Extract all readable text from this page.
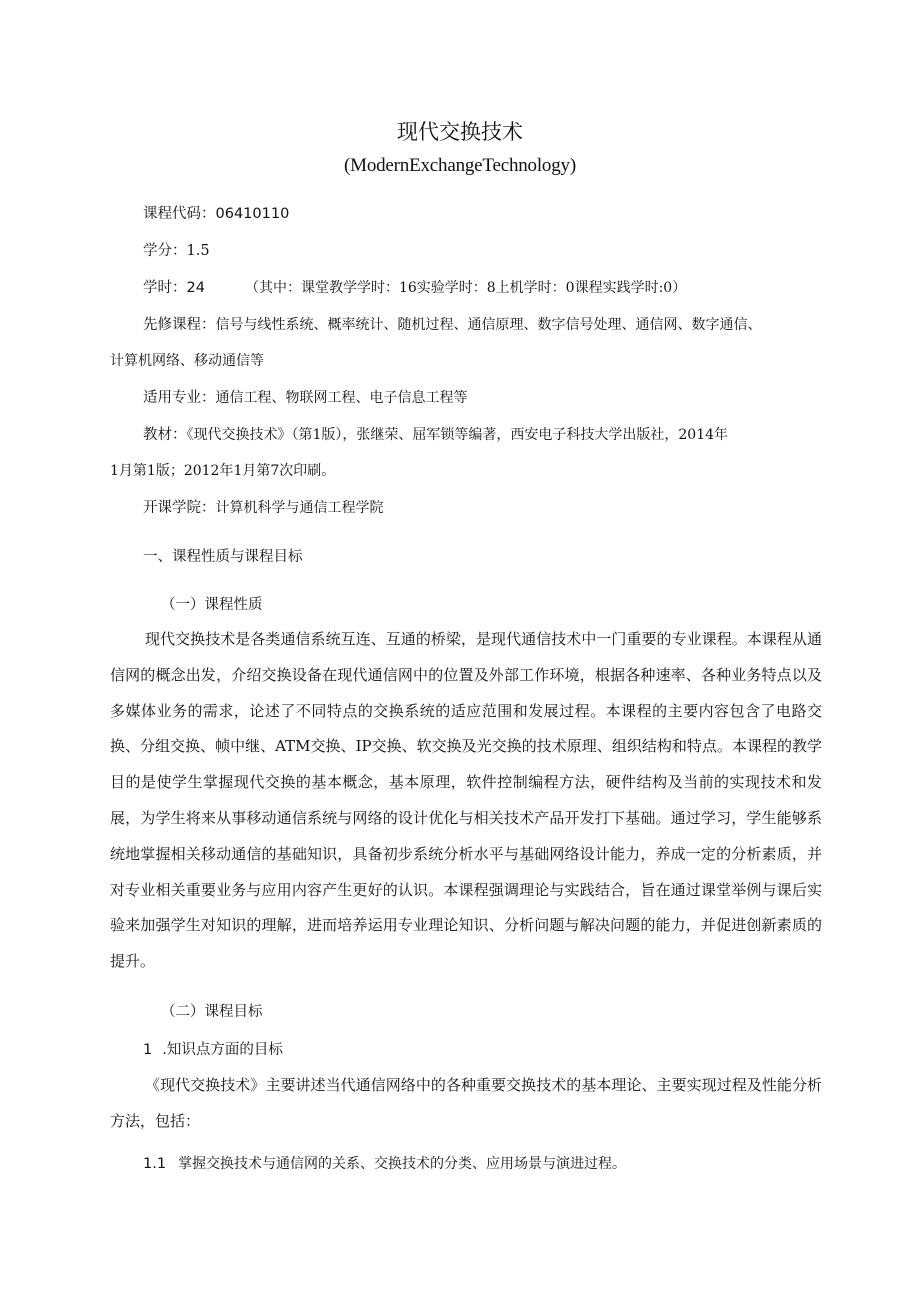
现代交换技术
(ModernExchangeTechnology)
课程代码：06410110
学分：1.5
学时：24	（其中：课堂教学学时：16实验学时：8上机学时：0课程实践学时:0）
先修课程：信号与线性系统、概率统计、随机过程、通信原理、数字信号处理、通信网、数字通信、
计算机网络、移动通信等
适用专业：通信工程、物联网工程、电子信息工程等
教材：《现代交换技术》（第1版），张继荣、屈军锁等编著，西安电子科技大学出版社，2014年
1月第1版；2012年1月第7次印刷。
开课学院：计算机科学与通信工程学院
一、课程性质与课程目标
（一）课程性质
现代交换技术是各类通信系统互连、互通的桥梁，是现代通信技术中一门重要的专业课程。本课程从通信网的概念出发，介绍交换设备在现代通信网中的位置及外部工作环境，根据各种速率、各种业务特点以及多媒体业务的需求，论述了不同特点的交换系统的适应范围和发展过程。本课程的主要内容包含了电路交换、分组交换、帧中继、ATM交换、IP交换、软交换及光交换的技术原理、组织结构和特点。本课程的教学目的是使学生掌握现代交换的基本概念，基本原理，软件控制编程方法，硬件结构及当前的实现技术和发展，为学生将来从事移动通信系统与网络的设计优化与相关技术产品开发打下基础。通过学习，学生能够系统地掌握相关移动通信的基础知识，具备初步系统分析水平与基础网络设计能力，养成一定的分析素质，并对专业相关重要业务与应用内容产生更好的认识。本课程强调理论与实践结合，旨在通过课堂举例与课后实验来加强学生对知识的理解，进而培养运用专业理论知识、分析问题与解决问题的能力，并促进创新素质的提升。
（二）课程目标
1 .知识点方面的目标
《现代交换技术》主要讲述当代通信网络中的各种重要交换技术的基本理论、主要实现过程及性能分析方法，包括：
1.1 掌握交换技术与通信网的关系、交换技术的分类、应用场景与演进过程。
